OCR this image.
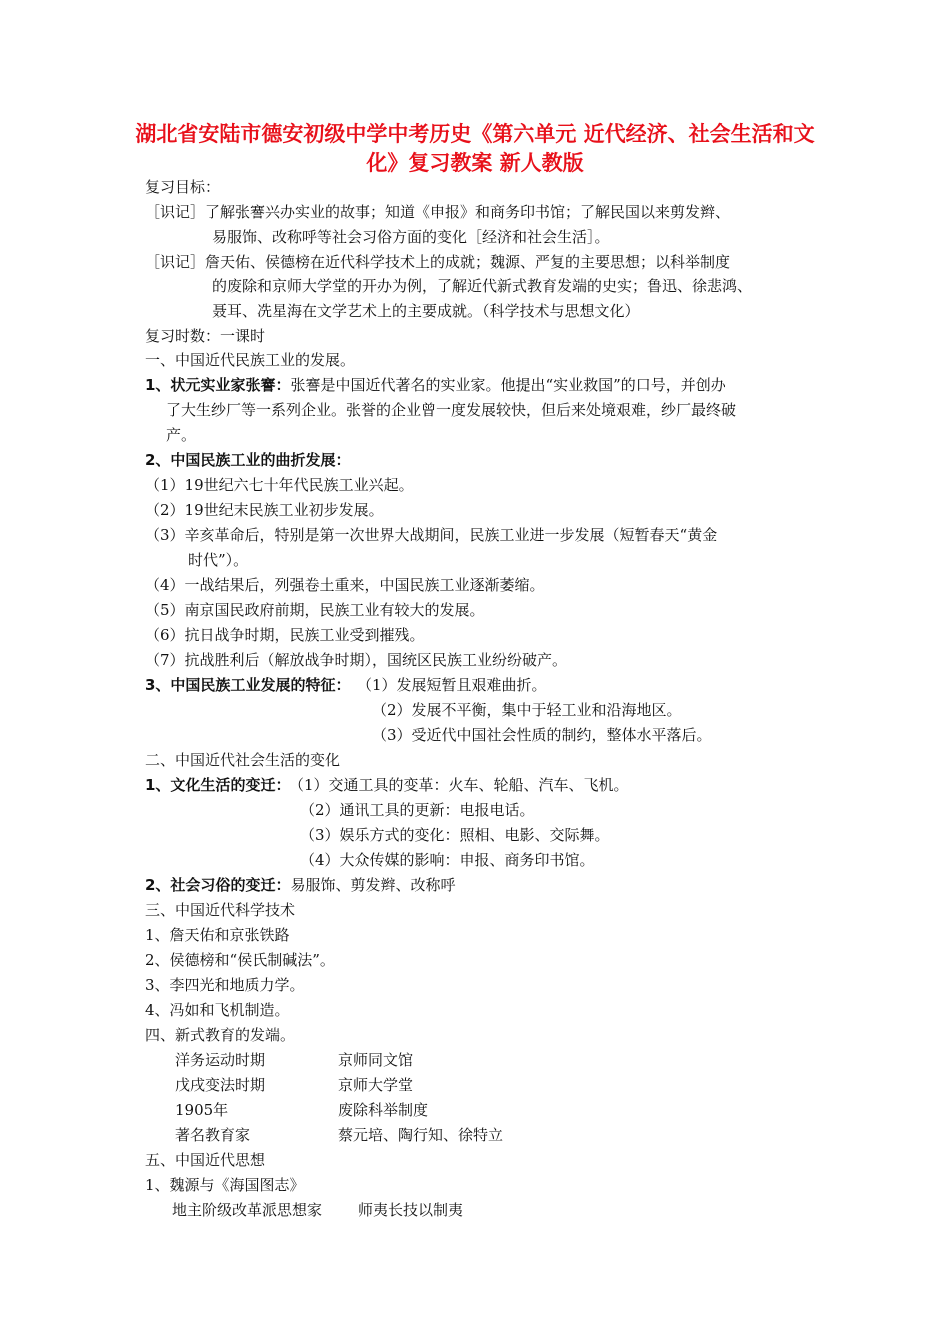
湖北省安陆市德安初级中学中考历史《第六单元 近代经济、社会生活和文化》复习教案 新人教版
复习目标：
［识记］了解张謇兴办实业的故事；知道《申报》和商务印书馆；了解民国以来剪发辫、
易服饰、改称呼等社会习俗方面的变化［经济和社会生活］。
［识记］詹天佑、侯德榜在近代科学技术上的成就；魏源、严复的主要思想；以科举制度
的废除和京师大学堂的开办为例，了解近代新式教育发端的史实；鲁迅、徐悲鸿、
聂耳、冼星海在文学艺术上的主要成就。（科学技术与思想文化）
复习时数：一课时
一、中国近代民族工业的发展。
1、状元实业家张謇：张謇是中国近代著名的实业家。他提出“实业救国”的口号，并创办
了大生纱厂等一系列企业。张誉的企业曾一度发展较快，但后来处境艰难，纱厂最终破
产。
2、中国民族工业的曲折发展：
（1）19世纪六七十年代民族工业兴起。
（2）19世纪末民族工业初步发展。
（3）辛亥革命后，特别是第一次世界大战期间，民族工业进一步发展（短暂春天“黄金
时代”）。
（4）一战结果后，列强卷土重来，中国民族工业逐渐萎缩。
（5）南京国民政府前期，民族工业有较大的发展。
（6）抗日战争时期，民族工业受到摧残。
（7）抗战胜利后（解放战争时期），国统区民族工业纷纷破产。
3、中国民族工业发展的特征： （1）发展短暂且艰难曲折。
（2）发展不平衡，集中于轻工业和沿海地区。
（3）受近代中国社会性质的制约，整体水平落后。
二、中国近代社会生活的变化
1、文化生活的变迁： （1）交通工具的变革：火车、轮船、汽车、飞机。
（2）通讯工具的更新：电报电话。
（3）娱乐方式的变化：照相、电影、交际舞。
（4）大众传媒的影响：申报、商务印书馆。
2、社会习俗的变迁：易服饰、剪发辫、改称呼
三、中国近代科学技术
1、詹天佑和京张铁路
2、侯德榜和“侯氏制碱法”。
3、李四光和地质力学。
4、冯如和飞机制造。
四、新式教育的发端。
洋务运动时期	京师同文馆
戊戌变法时期	京师大学堂
1905年	废除科举制度
著名教育家	蔡元培、陶行知、徐特立
五、中国近代思想
1、魏源与《海国图志》
地主阶级改革派思想家 师夷长技以制夷
